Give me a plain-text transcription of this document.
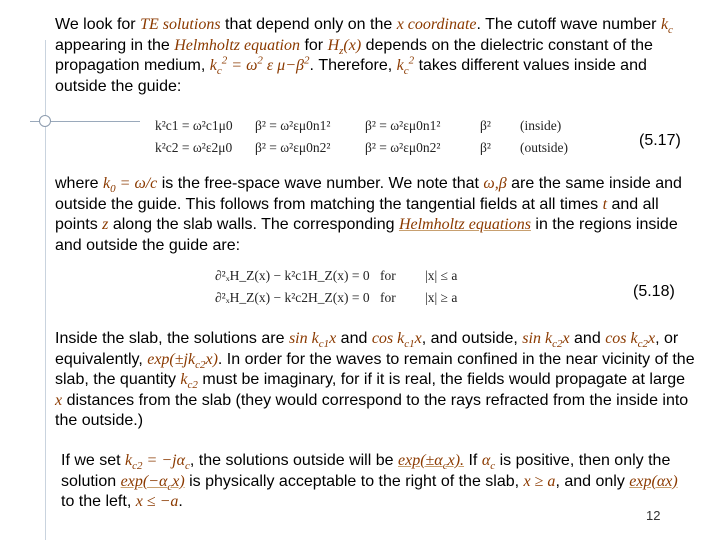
We look for TE solutions that depend only on the x coordinate. The cutoff wave number $k_c$ appearing in the Helmholtz equation for $H_z(x)$ depends on the dielectric constant of the propagation medium, $k_c^2 = \omega^2$ ε $\mu-\beta^2$. Therefore, $k_c^2$ takes different values inside and outside the guide:
k²c1 = ω²c1μ0	β² = ω²εμ0n1²	β² = ω²εμ0n1²	β²	(inside)
k²c2 = ω²ε2μ0	β² = ω²εμ0n2²	β² = ω²εμ0n2²	β²	(outside)	(5.17)
where $k_0 = \omega/c$ is the free-space wave number. We note that ω,β are the same inside and outside the guide. This follows from matching the tangential fields at all times t and all points z along the slab walls. The corresponding Helmholtz equations in the regions inside and outside the guide are:
∂²ₓH_Z(x) − k²c1H_Z(x) = 0 for	|x| ≤ a
∂²ₓH_Z(x) − k²c2H_Z(x) = 0 for	|x| ≥ a	(5.18)
Inside the slab, the solutions are $\sin k_{c1}x$ and $\cos k_{c1}x$, and outside, $\sin k_{c2}x$ and $\cos k_{c2}x$, or equivalently, $\exp(\pm jk_{c2}x)$. In order for the waves to remain confined in the near vicinity of the slab, the quantity $k_{c2}$ must be imaginary, for if it is real, the fields would propagate at large x distances from the slab (they would correspond to the rays refracted from the inside into the outside.)
If we set $k_{c2} = -j\alpha_c$, the solutions outside will be $\exp(\pm\alpha_cx)$. If $\alpha_c$ is positive, then only the solution $\exp(-\alpha_cx)$ is physically acceptable to the right of the slab, x ≥ a, and only exp(αx) to the left, x ≤ −a.
12
